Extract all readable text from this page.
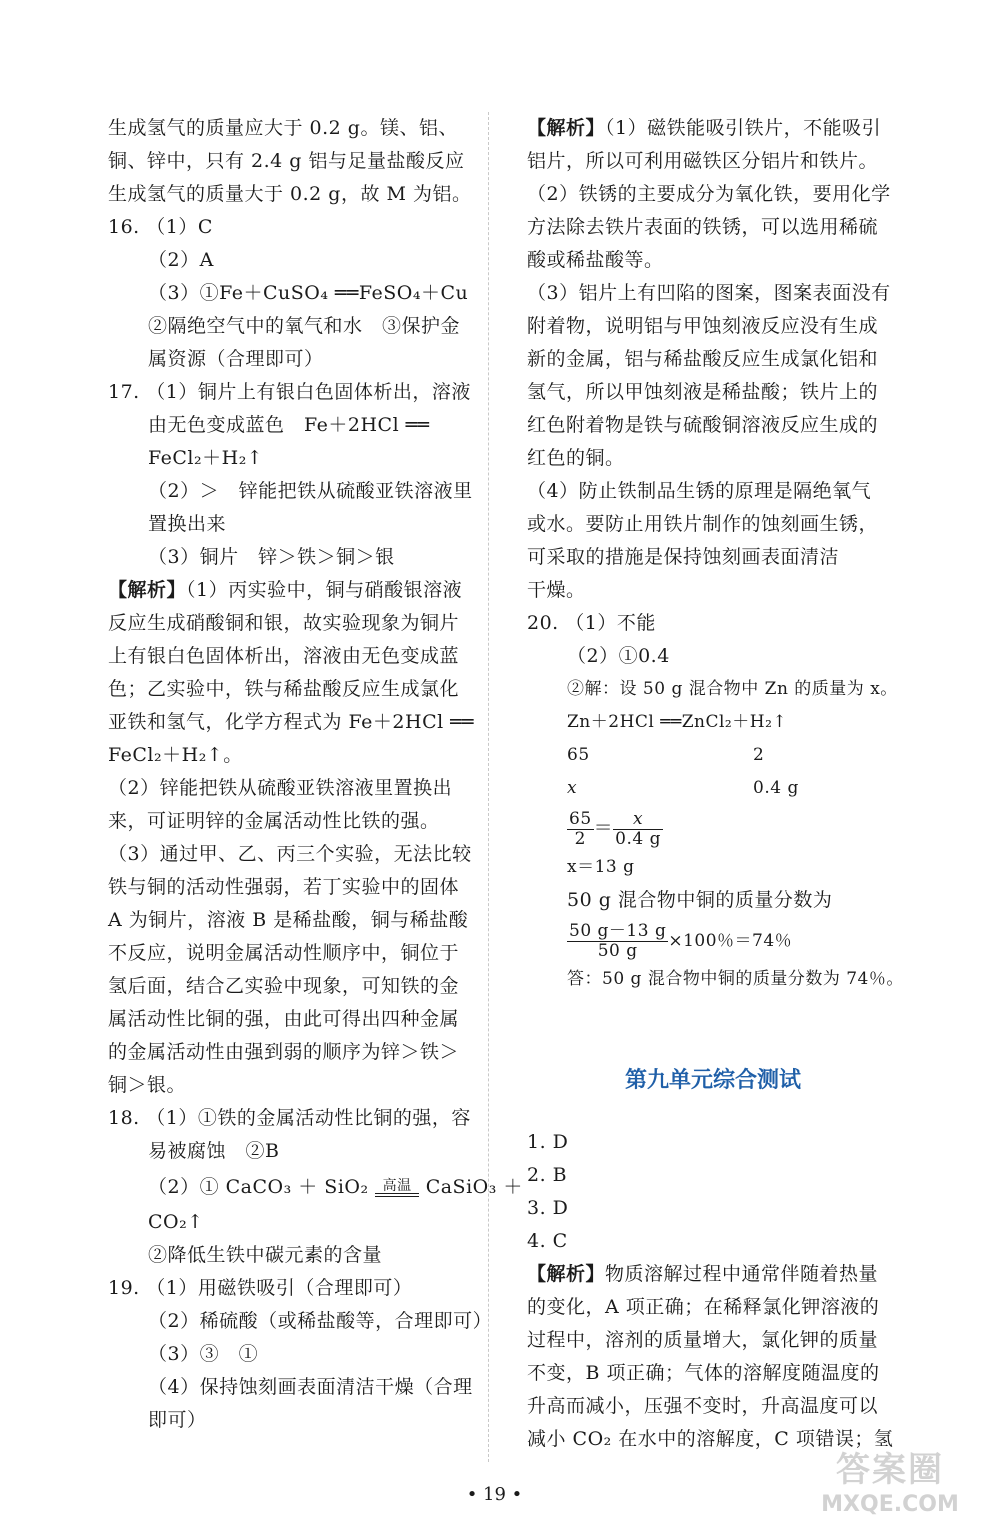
生成氢气的质量应大于 0.2 g。镁、铝、
铜、锌中，只有 2.4 g 铝与足量盐酸反应
生成氢气的质量大于 0.2 g，故 M 为铝。
16. （1）C
（2）A
（3）①Fe＋CuSO₄ ══FeSO₄＋Cu
②隔绝空气中的氧气和水　③保护金
属资源（合理即可）
17. （1）铜片上有银白色固体析出，溶液
由无色变成蓝色　Fe＋2HCl ══
FeCl₂＋H₂↑
（2）＞　锌能把铁从硫酸亚铁溶液里
置换出来
（3）铜片　锌＞铁＞铜＞银
【解析】（1）丙实验中，铜与硝酸银溶液
反应生成硝酸铜和银，故实验现象为铜片
上有银白色固体析出，溶液由无色变成蓝
色；乙实验中，铁与稀盐酸反应生成氯化
亚铁和氢气，化学方程式为 Fe＋2HCl ══
FeCl₂＋H₂↑。
（2）锌能把铁从硫酸亚铁溶液里置换出
来，可证明锌的金属活动性比铁的强。
（3）通过甲、乙、丙三个实验，无法比较
铁与铜的活动性强弱，若丁实验中的固体
A 为铜片，溶液 B 是稀盐酸，铜与稀盐酸
不反应，说明金属活动性顺序中，铜位于
氢后面，结合乙实验中现象，可知铁的金
属活动性比铜的强，由此可得出四种金属
的金属活动性由强到弱的顺序为锌＞铁＞
铜＞银。
18. （1）①铁的金属活动性比铜的强，容
易被腐蚀　②B
（2）① CaCO₃ ＋ SiO₂	高温 CaSiO₃ ＋
CO₂↑
②降低生铁中碳元素的含量
19. （1）用磁铁吸引（合理即可）
（2）稀硫酸（或稀盐酸等，合理即可）
（3）③　①
（4）保持蚀刻画表面清洁干燥（合理
即可）
【解析】（1）磁铁能吸引铁片，不能吸引
铝片，所以可利用磁铁区分铝片和铁片。
（2）铁锈的主要成分为氧化铁，要用化学
方法除去铁片表面的铁锈，可以选用稀硫
酸或稀盐酸等。
（3）铝片上有凹陷的图案，图案表面没有
附着物，说明铝与甲蚀刻液反应没有生成
新的金属，铝与稀盐酸反应生成氯化铝和
氢气，所以甲蚀刻液是稀盐酸；铁片上的
红色附着物是铁与硫酸铜溶液反应生成的
红色的铜。
（4）防止铁制品生锈的原理是隔绝氧气
或水。要防止用铁片制作的蚀刻画生锈，
可采取的措施是保持蚀刻画表面清洁
干燥。
20. （1）不能
（2）①0.4
②解：设 50 g 混合物中 Zn 的质量为 x。
Zn＋2HCl ══ZnCl₂＋H₂↑
65	2
x	0.4 g
$\frac{65}{2} = \frac{x}{0.4 g}$
x＝13 g
50 g 混合物中铜的质量分数为
$\frac{50 g-13 g}{50 g} \times 100$％＝74％
答：50 g 混合物中铜的质量分数为 74％。
第九单元综合测试
1. D
2. B
3. D
4. C
【解析】物质溶解过程中通常伴随着热量
的变化，A 项正确；在稀释氯化钾溶液的
过程中，溶剂的质量增大，氯化钾的质量
不变，B 项正确；气体的溶解度随温度的
升高而减小，压强不变时，升高温度可以
减小 CO₂ 在水中的溶解度，C 项错误；氢
• 19 •
答案圈
MXQE.COM
